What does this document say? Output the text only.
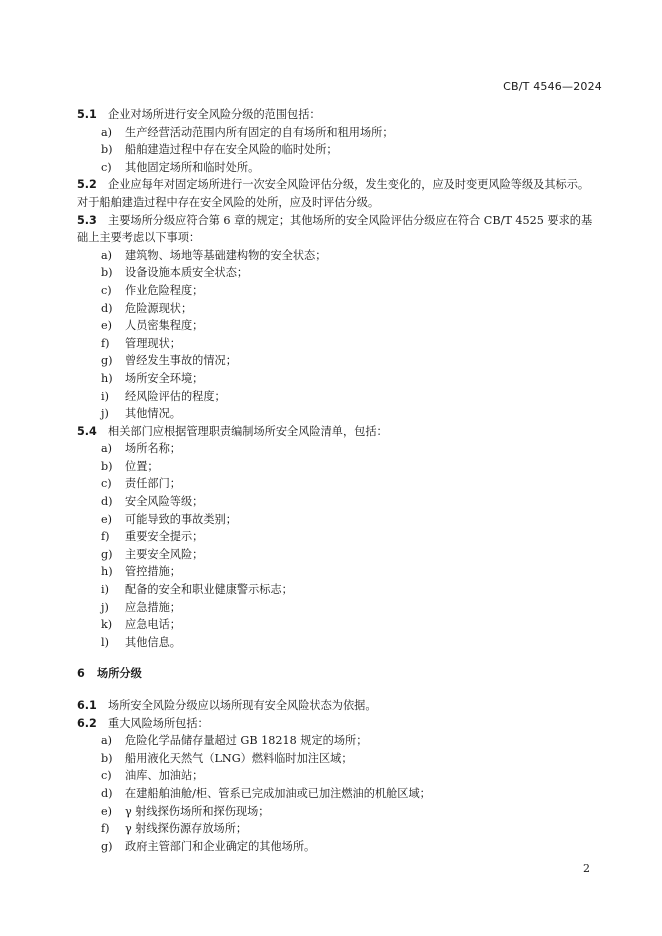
CB/T 4546—2024
5.1 企业对场所进行安全风险分级的范围包括：
a) 生产经营活动范围内所有固定的自有场所和租用场所；
b) 船舶建造过程中存在安全风险的临时处所；
c) 其他固定场所和临时处所。
5.2 企业应每年对固定场所进行一次安全风险评估分级，发生变化的，应及时变更风险等级及其标示。
对于船舶建造过程中存在安全风险的处所，应及时评估分级。
5.3 主要场所分级应符合第 6 章的规定；其他场所的安全风险评估分级应在符合 CB/T 4525 要求的基
础上主要考虑以下事项：
a) 建筑物、场地等基础建构物的安全状态；
b) 设备设施本质安全状态；
c) 作业危险程度；
d) 危险源现状；
e) 人员密集程度；
f) 管理现状；
g) 曾经发生事故的情况；
h) 场所安全环境；
i) 经风险评估的程度；
j) 其他情况。
5.4 相关部门应根据管理职责编制场所安全风险清单，包括：
a) 场所名称；
b) 位置；
c) 责任部门；
d) 安全风险等级；
e) 可能导致的事故类别；
f) 重要安全提示；
g) 主要安全风险；
h) 管控措施；
i) 配备的安全和职业健康警示标志；
j) 应急措施；
k) 应急电话；
l) 其他信息。
6 场所分级
6.1 场所安全风险分级应以场所现有安全风险状态为依据。
6.2 重大风险场所包括：
a) 危险化学品储存量超过 GB 18218 规定的场所；
b) 船用液化天然气（LNG）燃料临时加注区域；
c) 油库、加油站；
d) 在建船舶油舱/柜、管系已完成加油或已加注燃油的机舱区域；
e) γ 射线探伤场所和探伤现场；
f) γ 射线探伤源存放场所；
g) 政府主管部门和企业确定的其他场所。
2
